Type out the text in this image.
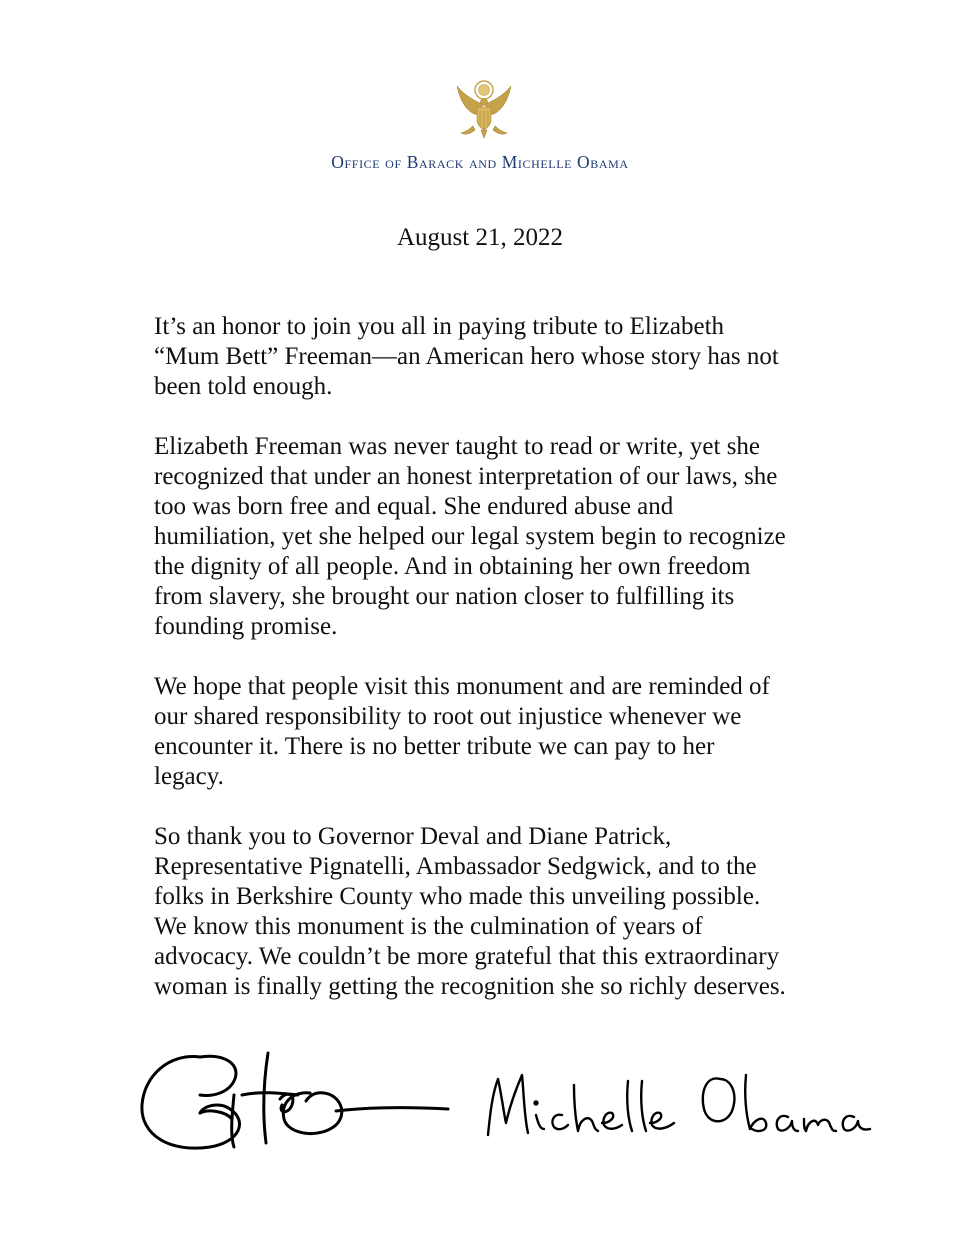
Office of Barack and Michelle Obama
August 21, 2022
It’s an honor to join you all in paying tribute to Elizabeth
“Mum Bett” Freeman—an American hero whose story has not
been told enough.
Elizabeth Freeman was never taught to read or write, yet she
recognized that under an honest interpretation of our laws, she
too was born free and equal. She endured abuse and
humiliation, yet she helped our legal system begin to recognize
the dignity of all people. And in obtaining her own freedom
from slavery, she brought our nation closer to fulfilling its
founding promise.
We hope that people visit this monument and are reminded of
our shared responsibility to root out injustice whenever we
encounter it. There is no better tribute we can pay to her
legacy.
So thank you to Governor Deval and Diane Patrick,
Representative Pignatelli, Ambassador Sedgwick, and to the
folks in Berkshire County who made this unveiling possible.
We know this monument is the culmination of years of
advocacy. We couldn’t be more grateful that this extraordinary
woman is finally getting the recognition she so richly deserves.
